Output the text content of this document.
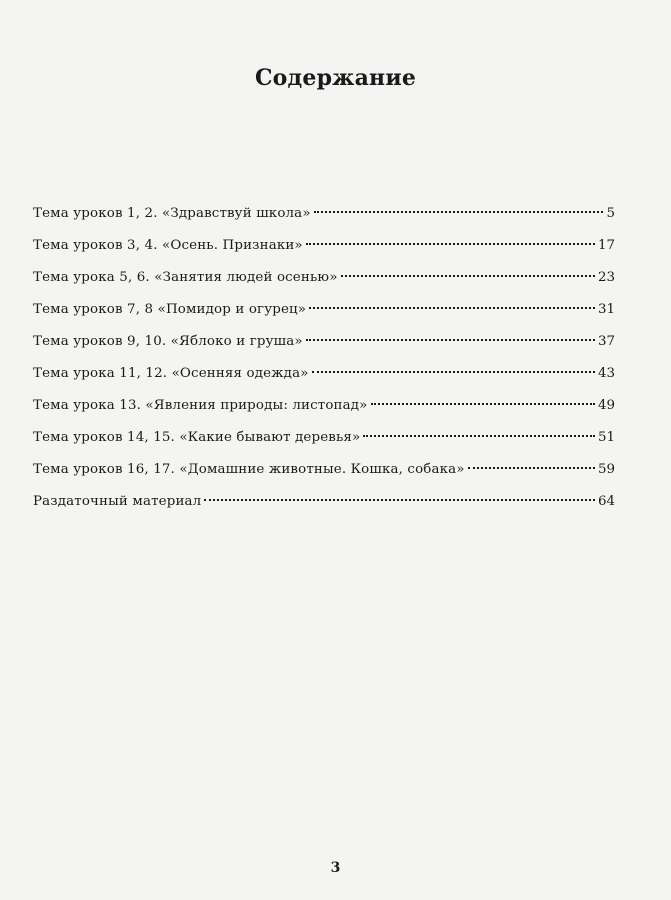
Содержание
Тема уроков 1, 2. «Здравствуй школа»	5
Тема уроков 3, 4. «Осень. Признаки»	17
Тема урока 5, 6. «Занятия людей осенью»	23
Тема уроков 7, 8 «Помидор и огурец»	31
Тема уроков 9, 10. «Яблоко и груша»	37
Тема урока 11, 12. «Осенняя одежда»	43
Тема урока 13. «Явления природы: листопад»	49
Тема уроков 14, 15. «Какие бывают деревья»	51
Тема уроков 16, 17. «Домашние животные. Кошка, собака»	59
Раздаточный материал	64
3
